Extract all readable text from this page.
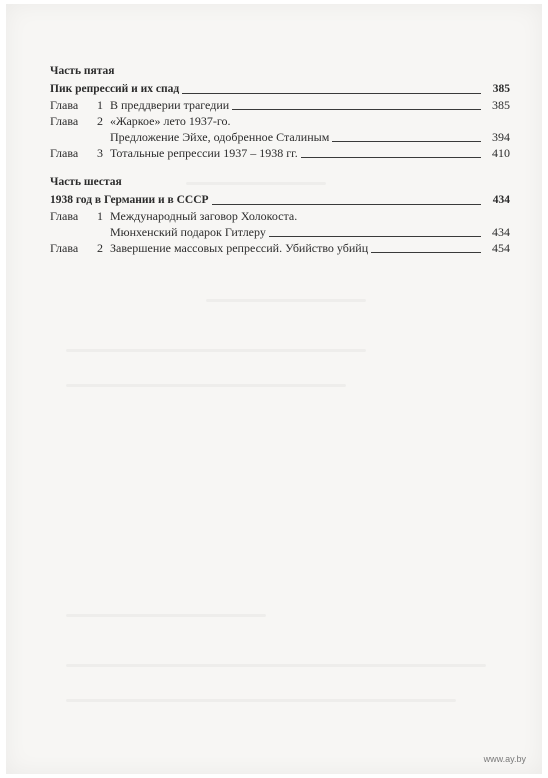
Часть пятая
Пик репрессий и их спад	385
Глава	1 В преддверии трагедии	385
Глава	2 «Жаркое» лето 1937-го.
Предложение Эйхе, одобренное Сталиным	394
Глава	3 Тотальные репрессии 1937 – 1938 гг.	410
Часть шестая
1938 год в Германии и в СССР	434
Глава	1 Международный заговор Холокоста.
Мюнхенский подарок Гитлеру	434
Глава	2 Завершение массовых репрессий. Убийство убийц	454
www.ay.by
